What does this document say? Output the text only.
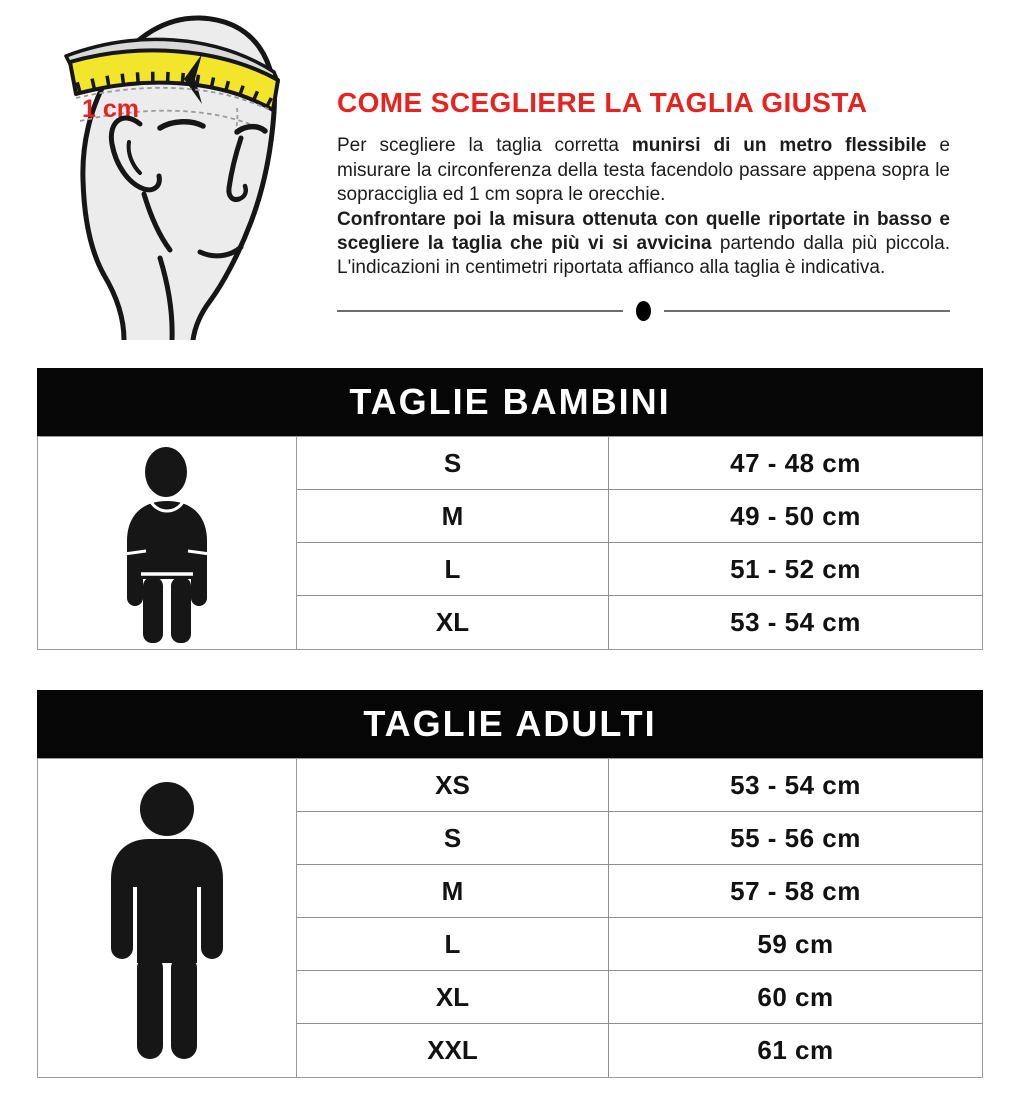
1 cm	COME SCEGLIERE LA TAGLIA GIUSTA

Per scegliere la taglia corretta munirsi di un metro flessibile e misurare la circonferenza della testa facendolo passare appena sopra le sopracciglia ed 1 cm sopra le orecchie.
Confrontare poi la misura ottenuta con quelle riportate in basso e scegliere la taglia che più vi si avvicina partendo dalla più piccola. L'indicazioni in centimetri riportata affianco alla taglia è indicativa.

TAGLIE BAMBINI
S	47 - 48 cm
M	49 - 50 cm
L	51 - 52 cm
XL	53 - 54 cm
TAGLIE ADULTI
XS	53 - 54 cm
S	55 - 56 cm
M	57 - 58 cm
L	59 cm
XL	60 cm
XXL	61 cm
